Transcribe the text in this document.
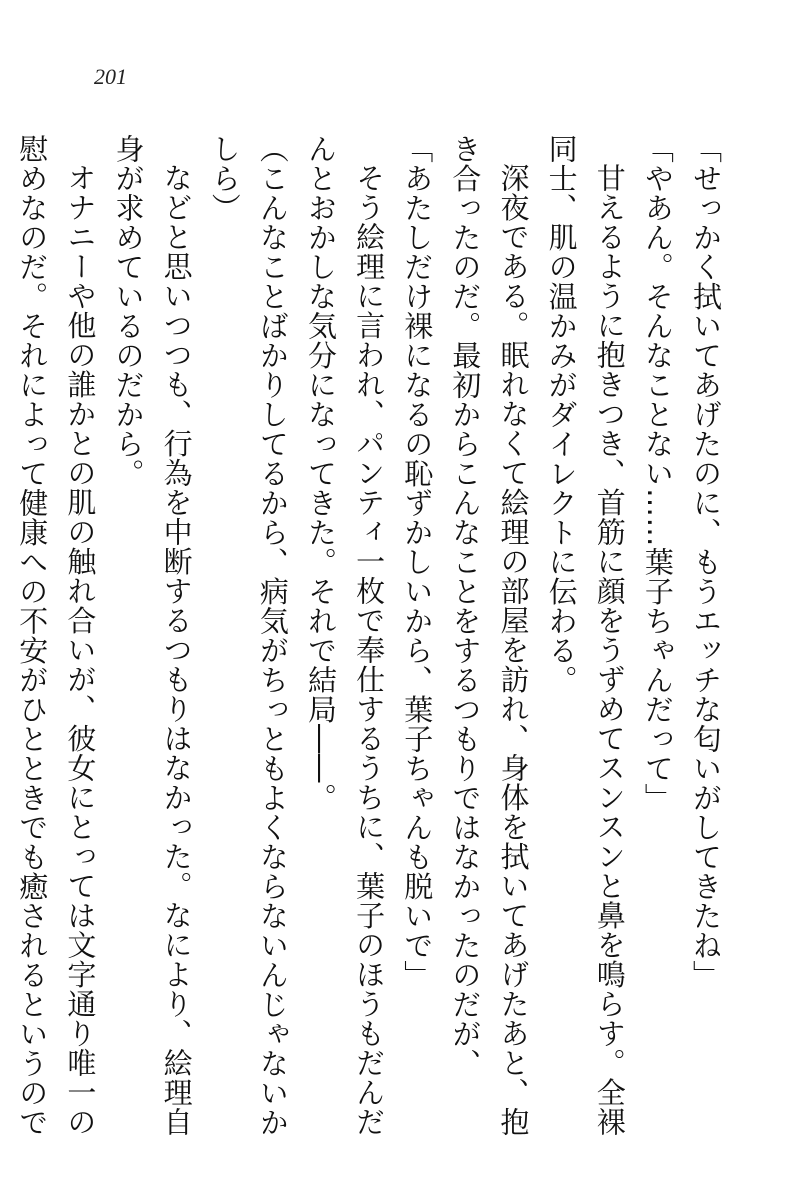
201

「せっかく拭いてあげたのに、もうエッチな匂いがしてきたね」

「やあん。そんなことない……葉子ちゃんだって」

甘えるように抱きつき、首筋に顔をうずめてスンスンと鼻を鳴らす。全裸同士、肌の温かみがダイレクトに伝わる。

深夜である。眠れなくて絵理の部屋を訪れ、身体を拭いてあげたあと、抱き合ったのだ。最初からこんなことをするつもりではなかったのだが、

「あたしだけ裸になるの恥ずかしいから、葉子ちゃんも脱いで」

そう絵理に言われ、パンティ一枚で奉仕するうちに、葉子のほうもだんだんとおかしな気分になってきた。それで結局――。

（こんなことばかりしてるから、病気がちっともよくならないんじゃないかしら）

などと思いつつも、行為を中断するつもりはなかった。なにより、絵理自身が求めているのだから。

オナニーや他の誰かとの肌の触れ合いが、彼女にとっては文字通り唯一の慰めなのだ。それによって健康への不安がひとときでも癒されるというので
